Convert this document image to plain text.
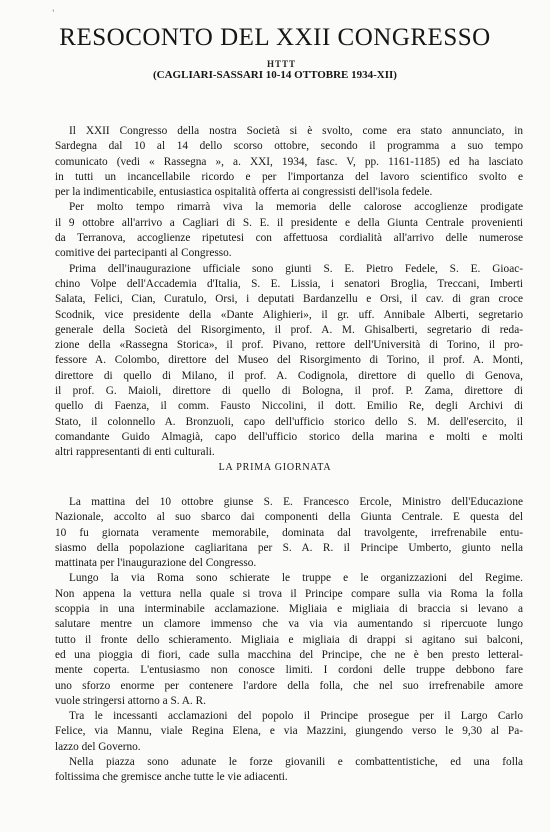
‘
RESOCONTO DEL XXII CONGRESSO
HTTT
(CAGLIARI-SASSARI 10-14 OTTOBRE 1934-XII)
Il XXII Congresso della nostra Società si è svolto, come era stato annunciato, in
Sardegna dal 10 al 14 dello scorso ottobre, secondo il programma a suo tempo
comunicato (vedi « Rassegna », a. XXI, 1934, fasc. V, pp. 1161-1185) ed ha lasciato
in tutti un incancellabile ricordo e per l'importanza del lavoro scientifico svolto e
per la indimenticabile, entusiastica ospitalità offerta ai congressisti dell'isola fedele.
Per molto tempo rimarrà viva la memoria delle calorose accoglienze prodigate
il 9 ottobre all'arrivo a Cagliari di S. E. il presidente e della Giunta Centrale provenienti
da Terranova, accoglienze ripetutesi con affettuosa cordialità all'arrivo delle numerose
comitive dei partecipanti al Congresso.
Prima dell'inaugurazione ufficiale sono giunti S. E. Pietro Fedele, S. E. Gioac-
chino Volpe dell'Accademia d'Italia, S. E. Lissia, i senatori Broglia, Treccani, Imberti
Salata, Felici, Cian, Curatulo, Orsi, i deputati Bardanzellu e Orsi, il cav. di gran croce
Scodnik, vice presidente della «Dante Alighieri», il gr. uff. Annibale Alberti, segretario
generale della Società del Risorgimento, il prof. A. M. Ghisalberti, segretario di reda-
zione della «Rassegna Storica», il prof. Pivano, rettore dell'Università di Torino, il pro-
fessore A. Colombo, direttore del Museo del Risorgimento di Torino, il prof. A. Monti,
direttore di quello di Milano, il prof. A. Codignola, direttore di quello di Genova,
il prof. G. Maioli, direttore di quello di Bologna, il prof. P. Zama, direttore di
quello di Faenza, il comm. Fausto Niccolini, il dott. Emilio Re, degli Archivi di
Stato, il colonnello A. Bronzuoli, capo dell'ufficio storico dello S. M. dell'esercito, il
comandante Guido Almagià, capo dell'ufficio storico della marina e molti e molti
altri rappresentanti di enti culturali.
LA PRIMA GIORNATA
La mattina del 10 ottobre giunse S. E. Francesco Ercole, Ministro dell'Educazione
Nazionale, accolto al suo sbarco dai componenti della Giunta Centrale. E questa del
10 fu giornata veramente memorabile, dominata dal travolgente, irrefrenabile entu-
siasmo della popolazione cagliaritana per S. A. R. il Principe Umberto, giunto nella
mattinata per l'inaugurazione del Congresso.
Lungo la via Roma sono schierate le truppe e le organizzazioni del Regime.
Non appena la vettura nella quale si trova il Principe compare sulla via Roma la folla
scoppia in una interminabile acclamazione. Migliaia e migliaia di braccia si levano a
salutare mentre un clamore immenso che va via via aumentando si ripercuote lungo
tutto il fronte dello schieramento. Migliaia e migliaia di drappi si agitano sui balconi,
ed una pioggia di fiori, cade sulla macchina del Principe, che ne è ben presto letteral-
mente coperta. L'entusiasmo non conosce limiti. I cordoni delle truppe debbono fare
uno sforzo enorme per contenere l'ardore della folla, che nel suo irrefrenabile amore
vuole stringersi attorno a S. A. R.
Tra le incessanti acclamazioni del popolo il Principe prosegue per il Largo Carlo
Felice, via Mannu, viale Regina Elena, e via Mazzini, giungendo verso le 9,30 al Pa-
lazzo del Governo.
Nella piazza sono adunate le forze giovanili e combattentistiche, ed una folla
foltissima che gremisce anche tutte le vie adiacenti.
